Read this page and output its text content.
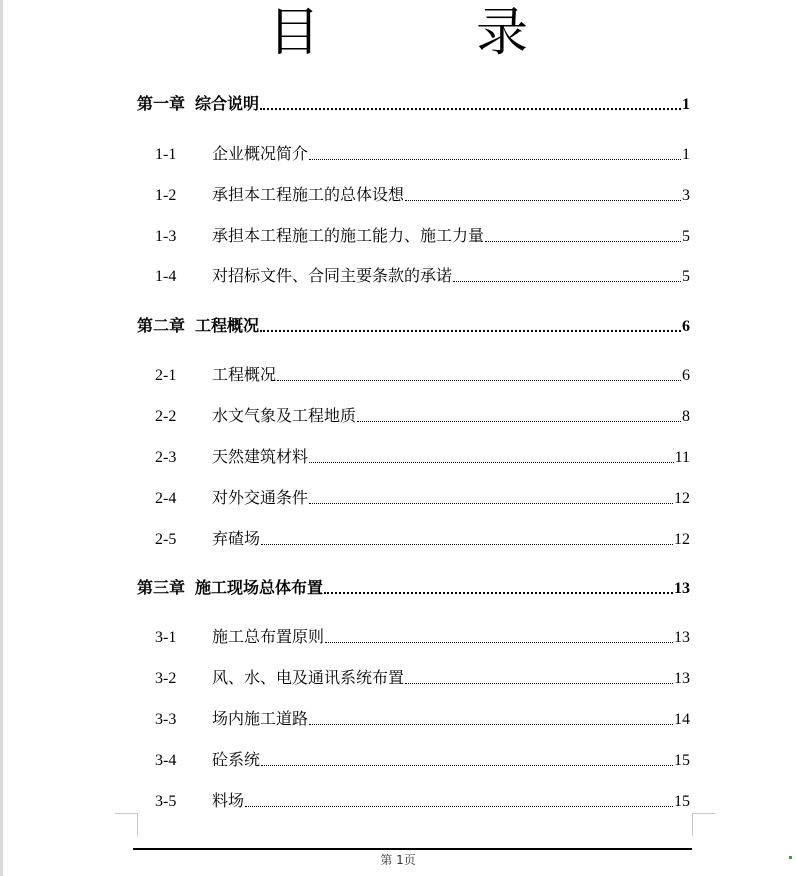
目　录
第一章 综合说明	1
1-1	企业概况简介	1
1-2	承担本工程施工的总体设想	3
1-3	承担本工程施工的施工能力、施工力量	5
1-4	对招标文件、合同主要条款的承诺	5
第二章 工程概况	6
2-1	工程概况	6
2-2	水文气象及工程地质	8
2-3	天然建筑材料	11
2-4	对外交通条件	12
2-5	弃碴场	12
第三章 施工现场总体布置	13
3-1	施工总布置原则	13
3-2	风、水、电及通讯系统布置	13
3-3	场内施工道路	14
3-4	砼系统	15
3-5	料场	15
第 1页
